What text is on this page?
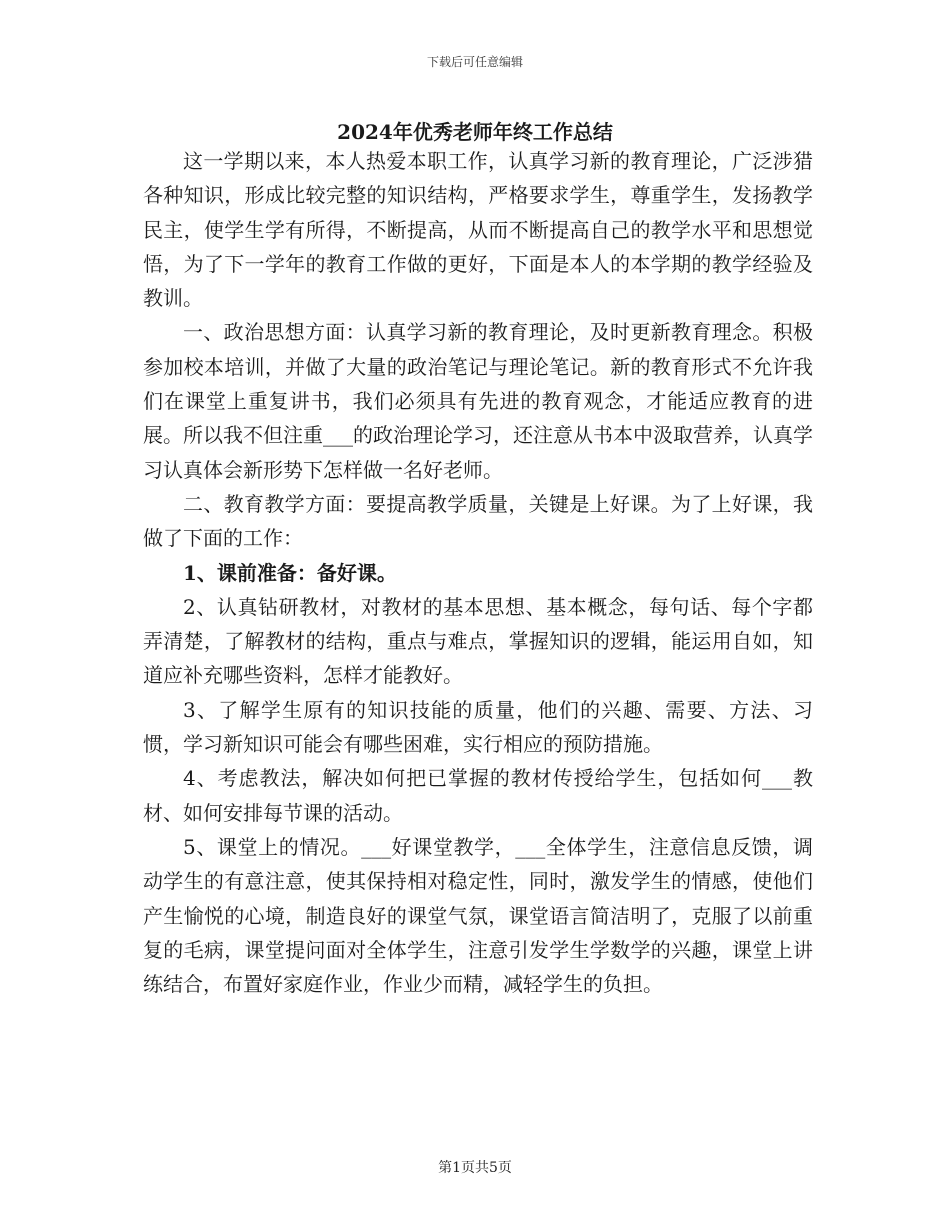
下载后可任意编辑
2024年优秀老师年终工作总结

这一学期以来，本人热爱本职工作，认真学习新的教育理论，广泛涉猎各种知识，形成比较完整的知识结构，严格要求学生，尊重学生，发扬教学民主，使学生学有所得，不断提高，从而不断提高自己的教学水平和思想觉悟，为了下一学年的教育工作做的更好，下面是本人的本学期的教学经验及教训。

一、政治思想方面：认真学习新的教育理论，及时更新教育理念。积极参加校本培训，并做了大量的政治笔记与理论笔记。新的教育形式不允许我们在课堂上重复讲书，我们必须具有先进的教育观念，才能适应教育的进展。所以我不但注重___的政治理论学习，还注意从书本中汲取营养，认真学习认真体会新形势下怎样做一名好老师。

二、教育教学方面：要提高教学质量，关键是上好课。为了上好课，我做了下面的工作：

1、课前准备：备好课。

2、认真钻研教材，对教材的基本思想、基本概念，每句话、每个字都弄清楚，了解教材的结构，重点与难点，掌握知识的逻辑，能运用自如，知道应补充哪些资料，怎样才能教好。

3、了解学生原有的知识技能的质量，他们的兴趣、需要、方法、习惯，学习新知识可能会有哪些困难，实行相应的预防措施。

4、考虑教法，解决如何把已掌握的教材传授给学生，包括如何___教材、如何安排每节课的活动。

5、课堂上的情况。___好课堂教学，___全体学生，注意信息反馈，调动学生的有意注意，使其保持相对稳定性，同时，激发学生的情感，使他们产生愉悦的心境，制造良好的课堂气氛，课堂语言简洁明了，克服了以前重复的毛病，课堂提问面对全体学生，注意引发学生学数学的兴趣，课堂上讲练结合，布置好家庭作业，作业少而精，减轻学生的负担。

第1页共5页
